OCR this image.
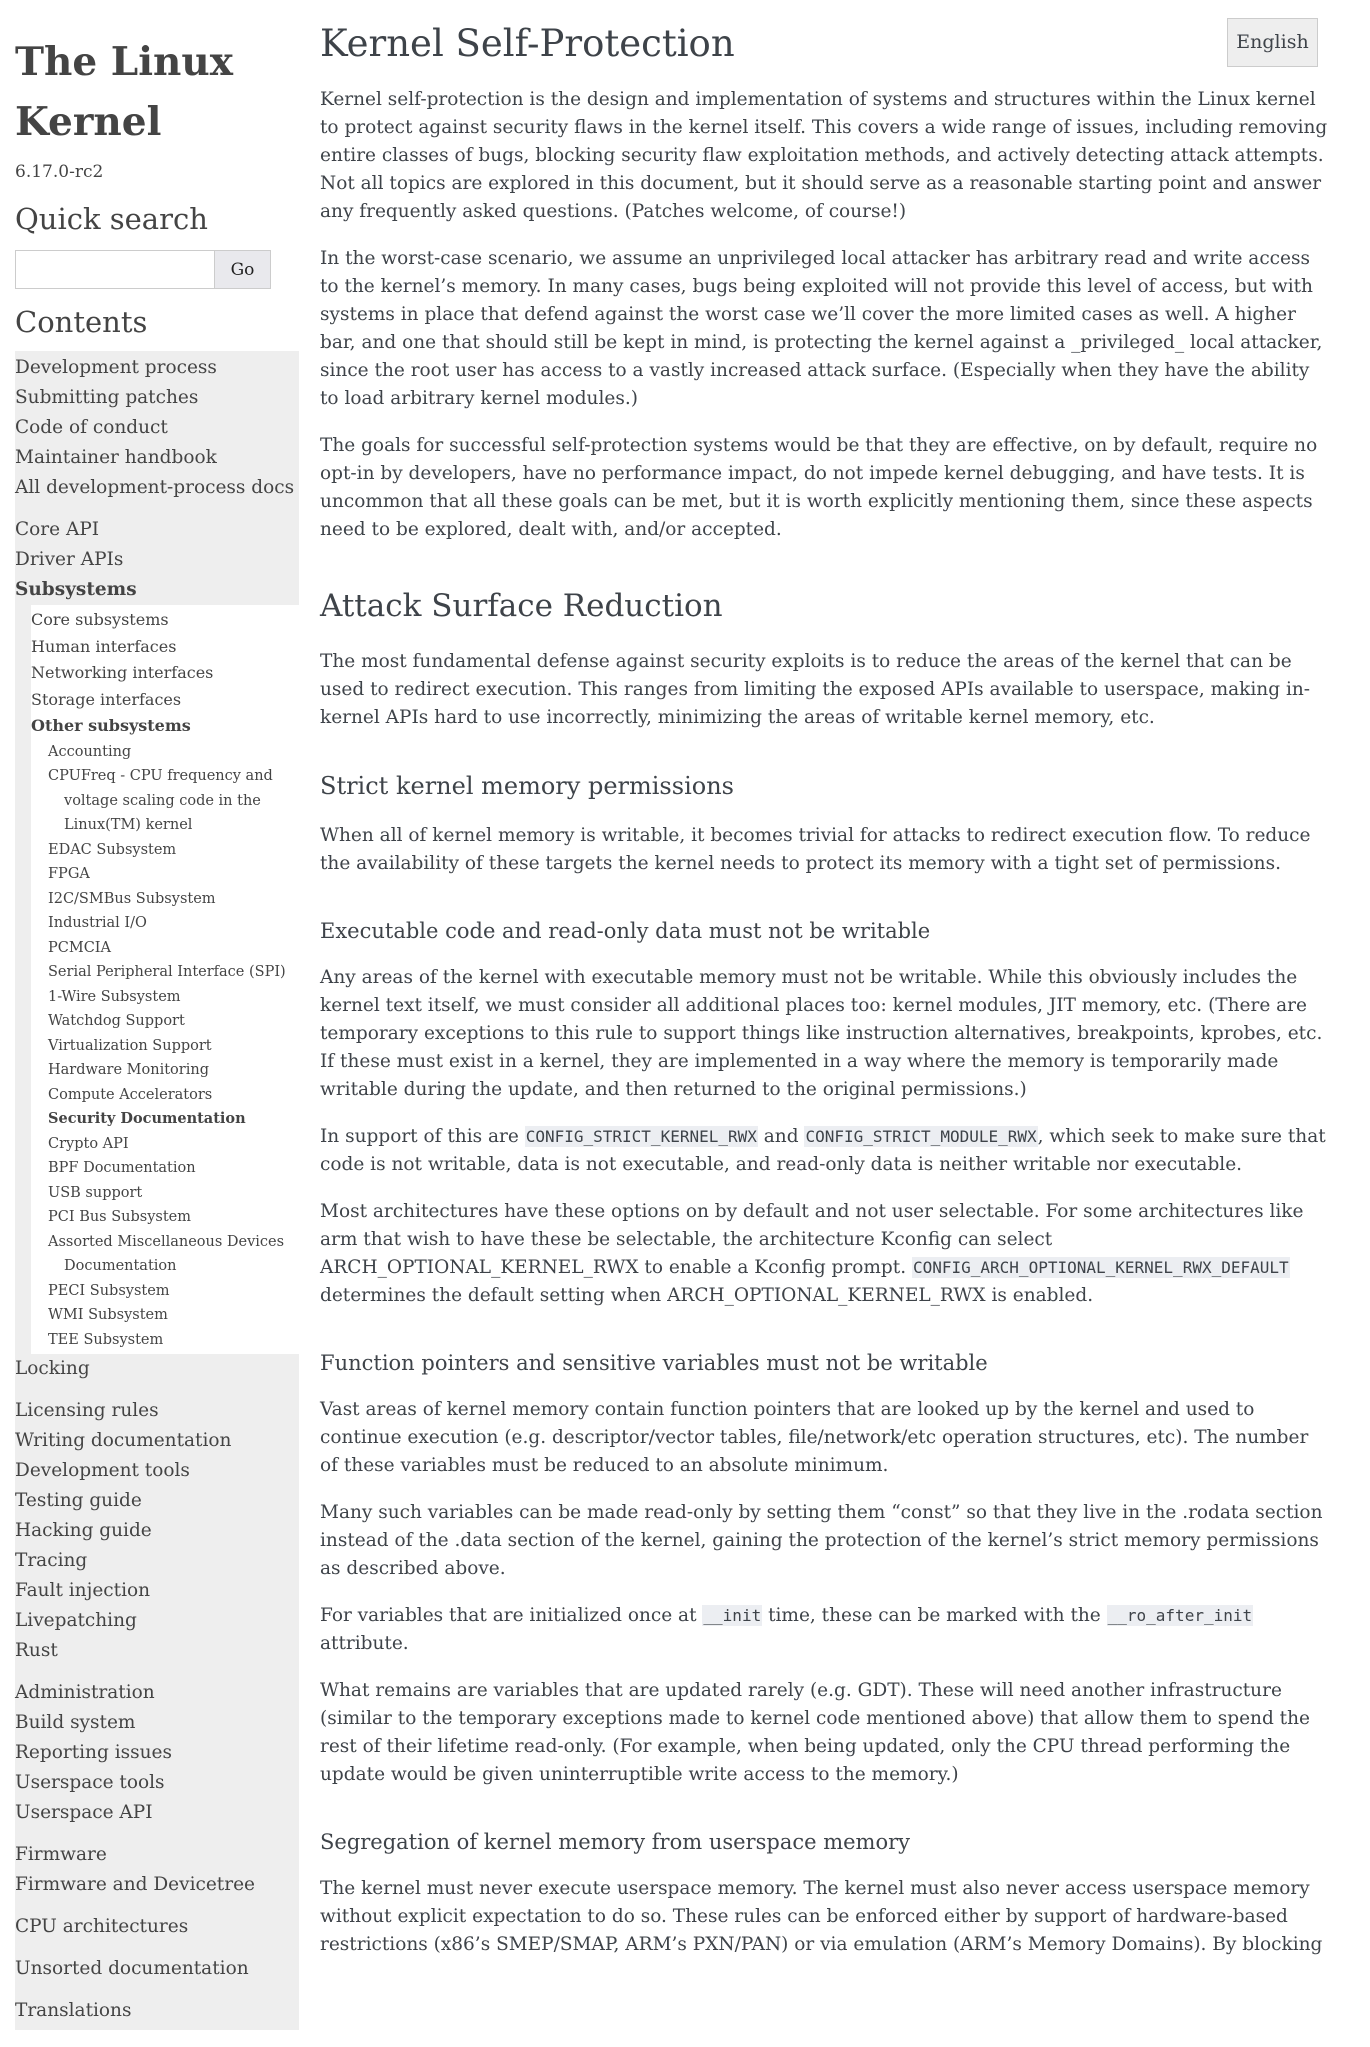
The Linux Kernel
6.17.0-rc2
Quick search
Go
Contents
Development process
Submitting patches
Code of conduct
Maintainer handbook
All development-process docs
Core API
Driver APIs
Subsystems
Core subsystems
Human interfaces
Networking interfaces
Storage interfaces
Other subsystems
Accounting
CPUFreq - CPU frequency and voltage scaling code in the Linux(TM) kernel
EDAC Subsystem
FPGA
I2C/SMBus Subsystem
Industrial I/O
PCMCIA
Serial Peripheral Interface (SPI)
1-Wire Subsystem
Watchdog Support
Virtualization Support
Hardware Monitoring
Compute Accelerators
Security Documentation
Crypto API
BPF Documentation
USB support
PCI Bus Subsystem
Assorted Miscellaneous Devices Documentation
PECI Subsystem
WMI Subsystem
TEE Subsystem
Locking
Licensing rules
Writing documentation
Development tools
Testing guide
Hacking guide
Tracing
Fault injection
Livepatching
Rust
Administration
Build system
Reporting issues
Userspace tools
Userspace API
Firmware
Firmware and Devicetree
CPU architectures
Unsorted documentation
Translations
English
Kernel Self-Protection

Kernel self-protection is the design and implementation of systems and structures within the Linux kernel to protect against security flaws in the kernel itself. This covers a wide range of issues, including removing entire classes of bugs, blocking security flaw exploitation methods, and actively detecting attack attempts. Not all topics are explored in this document, but it should serve as a reasonable starting point and answer any frequently asked questions. (Patches welcome, of course!)

In the worst-case scenario, we assume an unprivileged local attacker has arbitrary read and write access to the kernel’s memory. In many cases, bugs being exploited will not provide this level of access, but with systems in place that defend against the worst case we’ll cover the more limited cases as well. A higher bar, and one that should still be kept in mind, is protecting the kernel against a _privileged_ local attacker, since the root user has access to a vastly increased attack surface. (Especially when they have the ability to load arbitrary kernel modules.)

The goals for successful self-protection systems would be that they are effective, on by default, require no opt-in by developers, have no performance impact, do not impede kernel debugging, and have tests. It is uncommon that all these goals can be met, but it is worth explicitly mentioning them, since these aspects need to be explored, dealt with, and/or accepted.

Attack Surface Reduction

The most fundamental defense against security exploits is to reduce the areas of the kernel that can be used to redirect execution. This ranges from limiting the exposed APIs available to userspace, making in-kernel APIs hard to use incorrectly, minimizing the areas of writable kernel memory, etc.

Strict kernel memory permissions

When all of kernel memory is writable, it becomes trivial for attacks to redirect execution flow. To reduce the availability of these targets the kernel needs to protect its memory with a tight set of permissions.

Executable code and read-only data must not be writable

Any areas of the kernel with executable memory must not be writable. While this obviously includes the kernel text itself, we must consider all additional places too: kernel modules, JIT memory, etc. (There are temporary exceptions to this rule to support things like instruction alternatives, breakpoints, kprobes, etc. If these must exist in a kernel, they are implemented in a way where the memory is temporarily made writable during the update, and then returned to the original permissions.)

In support of this are CONFIG_STRICT_KERNEL_RWX and CONFIG_STRICT_MODULE_RWX, which seek to make sure that code is not writable, data is not executable, and read-only data is neither writable nor executable.

Most architectures have these options on by default and not user selectable. For some architectures like arm that wish to have these be selectable, the architecture Kconfig can select ARCH_OPTIONAL_KERNEL_RWX to enable a Kconfig prompt. CONFIG_ARCH_OPTIONAL_KERNEL_RWX_DEFAULT determines the default setting when ARCH_OPTIONAL_KERNEL_RWX is enabled.

Function pointers and sensitive variables must not be writable

Vast areas of kernel memory contain function pointers that are looked up by the kernel and used to continue execution (e.g. descriptor/vector tables, file/network/etc operation structures, etc). The number of these variables must be reduced to an absolute minimum.

Many such variables can be made read-only by setting them “const” so that they live in the .rodata section instead of the .data section of the kernel, gaining the protection of the kernel’s strict memory permissions as described above.

For variables that are initialized once at __init time, these can be marked with the __ro_after_init attribute.

What remains are variables that are updated rarely (e.g. GDT). These will need another infrastructure (similar to the temporary exceptions made to kernel code mentioned above) that allow them to spend the rest of their lifetime read-only. (For example, when being updated, only the CPU thread performing the update would be given uninterruptible write access to the memory.)

Segregation of kernel memory from userspace memory

The kernel must never execute userspace memory. The kernel must also never access userspace memory without explicit expectation to do so. These rules can be enforced either by support of hardware-based restrictions (x86’s SMEP/SMAP, ARM’s PXN/PAN) or via emulation (ARM’s Memory Domains). By blocking
